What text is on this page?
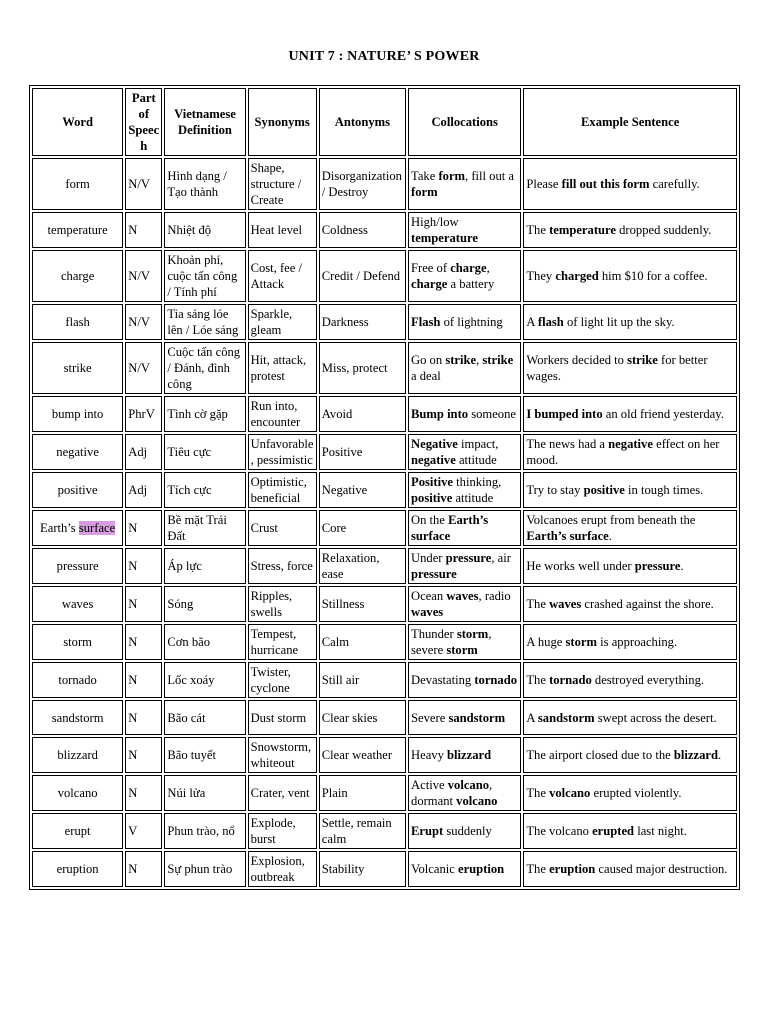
UNIT 7 : NATURE’ S POWER
Word	Part of Speech	Vietnamese Definition	Synonyms	Antonyms	Collocations	Example Sentence
form	N/V	Hình dạng / Tạo thành	Shape, structure / Create	Disorganization / Destroy	Take form, fill out a form	Please fill out this form carefully.
temperature	N	Nhiệt độ	Heat level	Coldness	High/low temperature	The temperature dropped suddenly.
charge	N/V	Khoản phí, cuộc tấn công / Tính phí	Cost, fee / Attack	Credit / Defend	Free of charge, charge a battery	They charged him $10 for a coffee.
flash	N/V	Tia sáng lóe lên / Lóe sáng	Sparkle, gleam	Darkness	Flash of lightning	A flash of light lit up the sky.
strike	N/V	Cuộc tấn công / Đánh, đình công	Hit, attack, protest	Miss, protect	Go on strike, strike a deal	Workers decided to strike for better wages.
bump into	PhrV	Tình cờ gặp	Run into, encounter	Avoid	Bump into someone	I bumped into an old friend yesterday.
negative	Adj	Tiêu cực	Unfavorable, pessimistic	Positive	Negative impact, negative attitude	The news had a negative effect on her mood.
positive	Adj	Tích cực	Optimistic, beneficial	Negative	Positive thinking, positive attitude	Try to stay positive in tough times.
Earth’s surface	N	Bề mặt Trái Đất	Crust	Core	On the Earth’s surface	Volcanoes erupt from beneath the Earth’s surface.
pressure	N	Áp lực	Stress, force	Relaxation, ease	Under pressure, air pressure	He works well under pressure.
waves	N	Sóng	Ripples, swells	Stillness	Ocean waves, radio waves	The waves crashed against the shore.
storm	N	Cơn bão	Tempest, hurricane	Calm	Thunder storm, severe storm	A huge storm is approaching.
tornado	N	Lốc xoáy	Twister, cyclone	Still air	Devastating tornado	The tornado destroyed everything.
sandstorm	N	Bão cát	Dust storm	Clear skies	Severe sandstorm	A sandstorm swept across the desert.
blizzard	N	Bão tuyết	Snowstorm, whiteout	Clear weather	Heavy blizzard	The airport closed due to the blizzard.
volcano	N	Núi lửa	Crater, vent	Plain	Active volcano, dormant volcano	The volcano erupted violently.
erupt	V	Phun trào, nổ	Explode, burst	Settle, remain calm	Erupt suddenly	The volcano erupted last night.
eruption	N	Sự phun trào	Explosion, outbreak	Stability	Volcanic eruption	The eruption caused major destruction.
